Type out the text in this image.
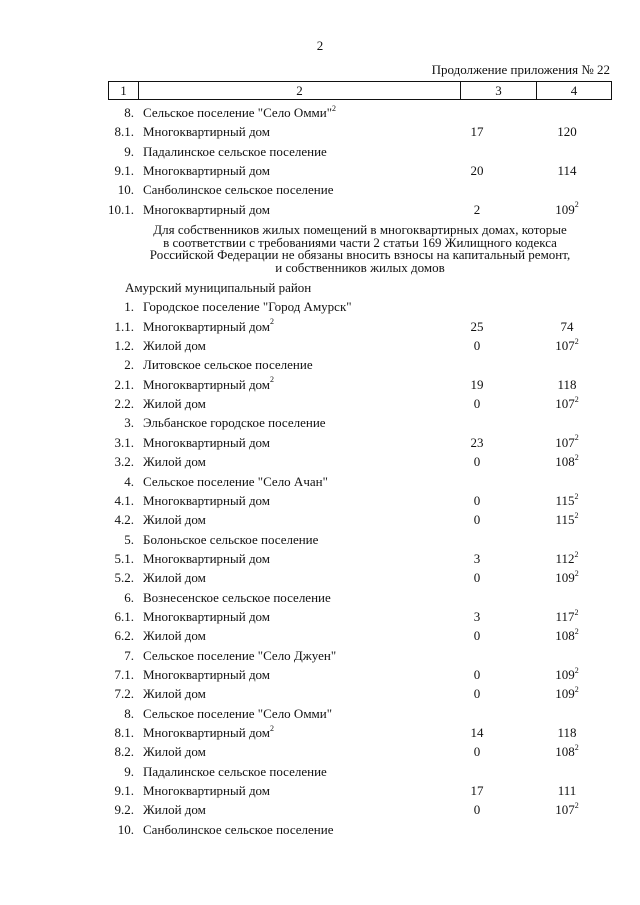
2
Продолжение приложения № 22
1	2	3	4
8. Сельское поселение "Село Омми"$^2$
8.1. Многоквартирный дом	17	120
9. Падалинское сельское поселение
9.1. Многоквартирный дом	20	114
10. Санболинское сельское поселение
10.1. Многоквартирный дом	2	$109^2$
Для собственников жилых помещений в многоквартирных домах, которые
в соответствии с требованиями части 2 статьи 169 Жилищного кодекса
Российской Федерации не обязаны вносить взносы на капитальный ремонт,
и собственников жилых домов
Амурский муниципальный район
1. Городское поселение "Город Амурск"
1.1. Многоквартирный дом$^2$	25	74
1.2. Жилой дом	0	$107^2$
2. Литовское сельское поселение
2.1. Многоквартирный дом$^2$	19	118
2.2. Жилой дом	0	$107^2$
3. Эльбанское городское поселение
3.1. Многоквартирный дом	23	$107^2$
3.2. Жилой дом	0	$108^2$
4. Сельское поселение "Село Ачан"
4.1. Многоквартирный дом	0	$115^2$
4.2. Жилой дом	0	$115^2$
5. Болоньское сельское поселение
5.1. Многоквартирный дом	3	$112^2$
5.2. Жилой дом	0	$109^2$
6. Вознесенское сельское поселение
6.1. Многоквартирный дом	3	$117^2$
6.2. Жилой дом	0	$108^2$
7. Сельское поселение "Село Джуен"
7.1. Многоквартирный дом	0	$109^2$
7.2. Жилой дом	0	$109^2$
8. Сельское поселение "Село Омми"
8.1. Многоквартирный дом$^2$	14	118
8.2. Жилой дом	0	$108^2$
9. Падалинское сельское поселение
9.1. Многоквартирный дом	17	111
9.2. Жилой дом	0	$107^2$
10. Санболинское сельское поселение
